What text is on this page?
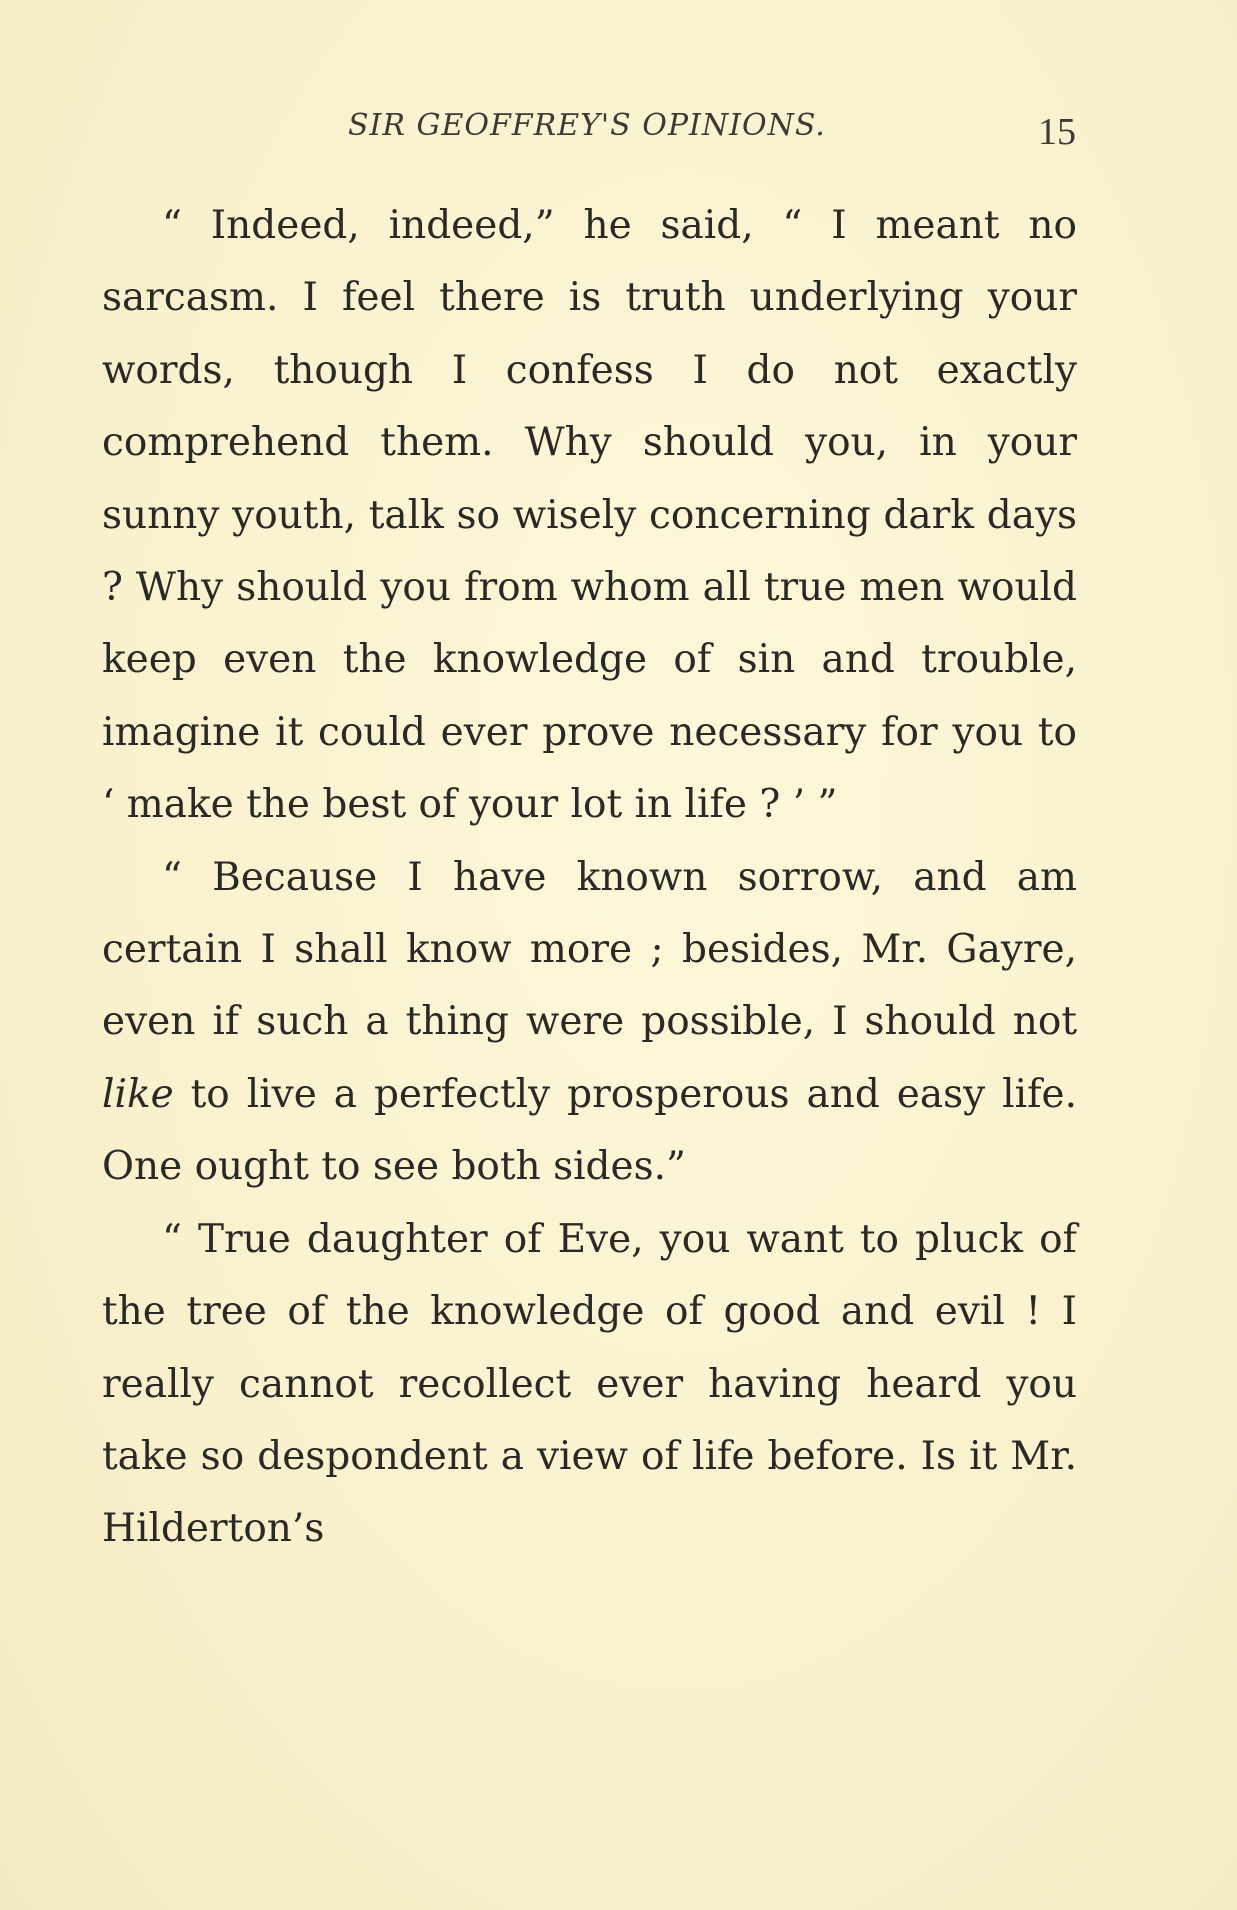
SIR GEOFFREY'S OPINIONS.	15

“ Indeed, indeed,” he said, “ I meant no sarcasm. I feel there is truth underlying your words, though I confess I do not exactly comprehend them. Why should you, in your sunny youth, talk so wisely concerning dark days ? Why should you from whom all true men would keep even the knowledge of sin and trouble, imagine it could ever prove necessary for you to ‘ make the best of your lot in life ? ’ ”

“ Because I have known sorrow, and am certain I shall know more ; besides, Mr. Gayre, even if such a thing were possible, I should not like to live a perfectly prosperous and easy life. One ought to see both sides.”

“ True daughter of Eve, you want to pluck of the tree of the knowledge of good and evil ! I really cannot recollect ever having heard you take so despondent a view of life before. Is it Mr. Hilderton’s
